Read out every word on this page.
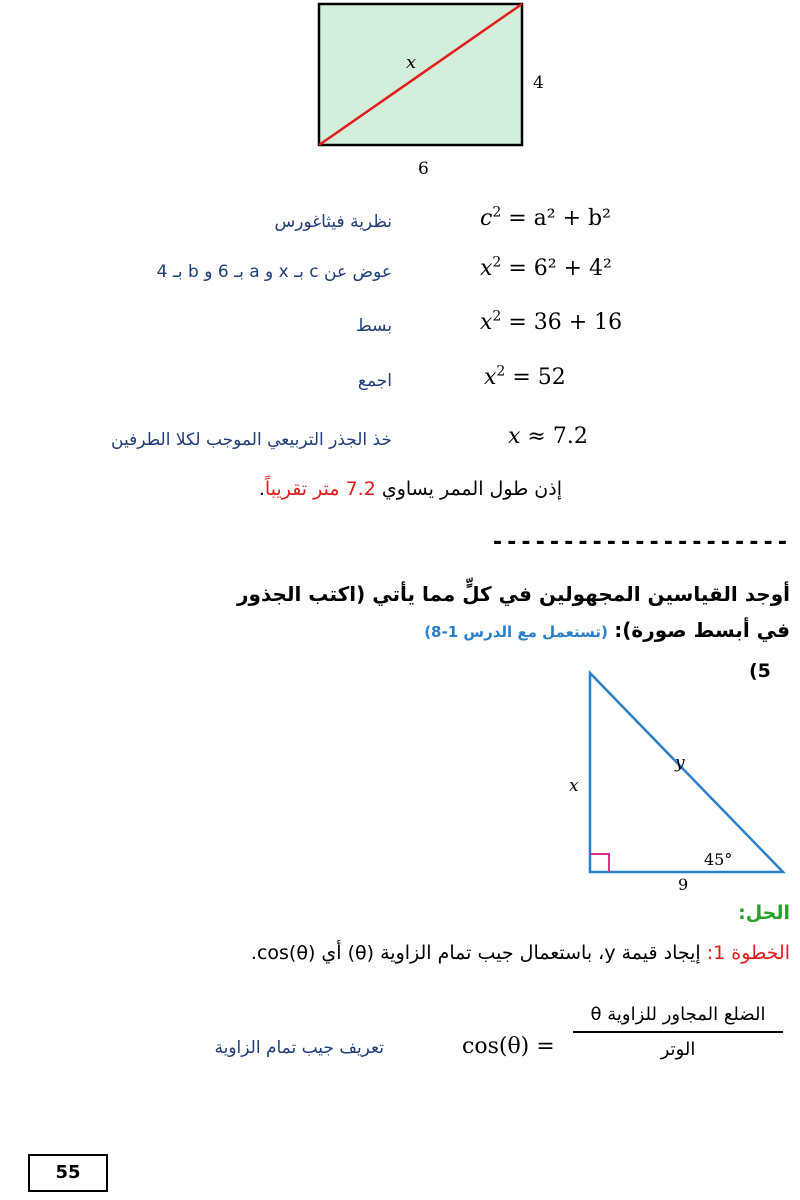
x
4
6
$c^2 = a^2 + b^2$
نظرية فيثاغورس
$x^2 = 6^2 + 4^2$
عوض عن c بـ x و a بـ 6 و b بـ 4
$x^2 = 36 + 16$
بسط
$x^2 = 52$
اجمع
x ≈ 7.2
خذ الجذر التربيعي الموجب لكلا الطرفين
إذن طول الممر يساوي 7.2 متر تقريباً.
---------------------
أوجد القياسين المجهولين في كلٍّ مما يأتي (اكتب الجذور
في أبسط صورة): (تستعمل مع الدرس 1-8)
(5
x
y
9
45°
الحل:
الخطوة 1: إيجاد قيمة y، باستعمال جيب تمام الزاوية (θ) أي cos(θ).
cos(θ) =
الضلع المجاور للزاوية θ
الوتر
تعريف جيب تمام الزاوية
55
